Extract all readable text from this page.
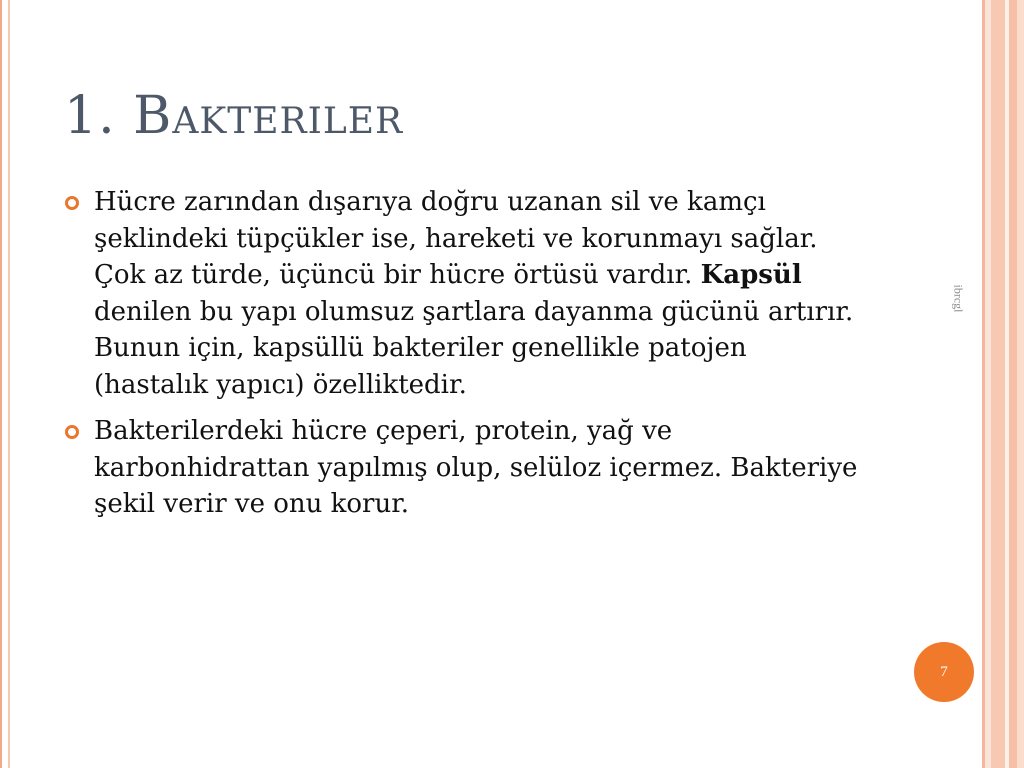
1. Bakteriler
Hücre zarından dışarıya doğru uzanan sil ve kamçı şeklindeki tüpçükler ise, hareketi ve korunmayı sağlar. Çok az türde, üçüncü bir hücre örtüsü vardır. Kapsül denilen bu yapı olumsuz şartlara dayanma gücünü artırır. Bunun için, kapsüllü bakteriler genellikle patojen (hastalık yapıcı) özelliktedir.
Bakterilerdeki hücre çeperi, protein, yağ ve karbonhidrattan yapılmış olup, selüloz içermez. Bakteriye şekil verir ve onu korur.
ibrcgl
7
